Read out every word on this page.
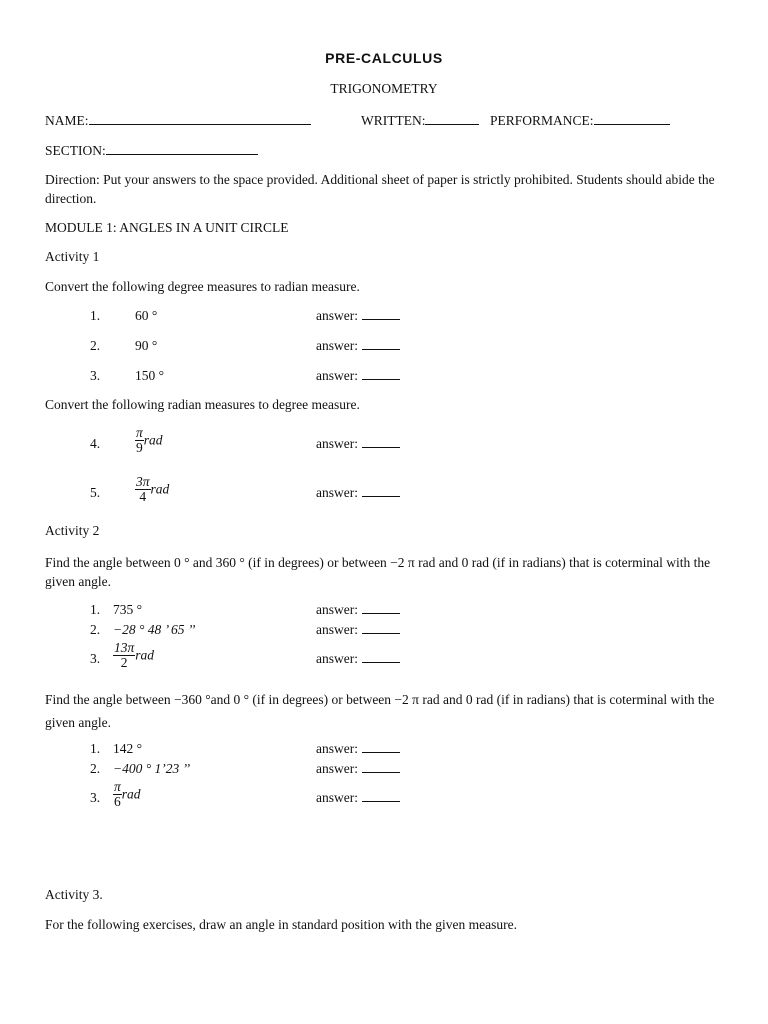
PRE-CALCULUS
TRIGONOMETRY
NAME:	WRITTEN:	PERFORMANCE:
SECTION:
Direction: Put your answers to the space provided. Additional sheet of paper is strictly prohibited. Students should abide the direction.
MODULE 1: ANGLES IN A UNIT CIRCLE
Activity 1
Convert the following degree measures to radian measure.
1.	60 °	answer:
2.	90 °	answer:
3.	150 °	answer:
Convert the following radian measures to degree measure.
4.	$\frac{\pi}{9}$ rad	answer:
5.	$\frac{3\pi}{4}$ rad	answer:
Activity 2
Find the angle between 0 ° and 360 ° (if in degrees) or between −2 π rad and 0 rad (if in radians) that is coterminal with the given angle.
1. 735 °	answer:
2. −28 ° 48 ’ 65 ’’	answer:
3. $\frac{13\pi}{2}$ rad	answer:
Find the angle between −360 °and 0 ° (if in degrees) or between −2 π rad and 0 rad (if in radians) that is coterminal with the given angle.
1. 142 °	answer:
2. −400 ° 1’23 ’’	answer:
3. $\frac{\pi}{6}$ rad	answer:
Activity 3.
For the following exercises, draw an angle in standard position with the given measure.
